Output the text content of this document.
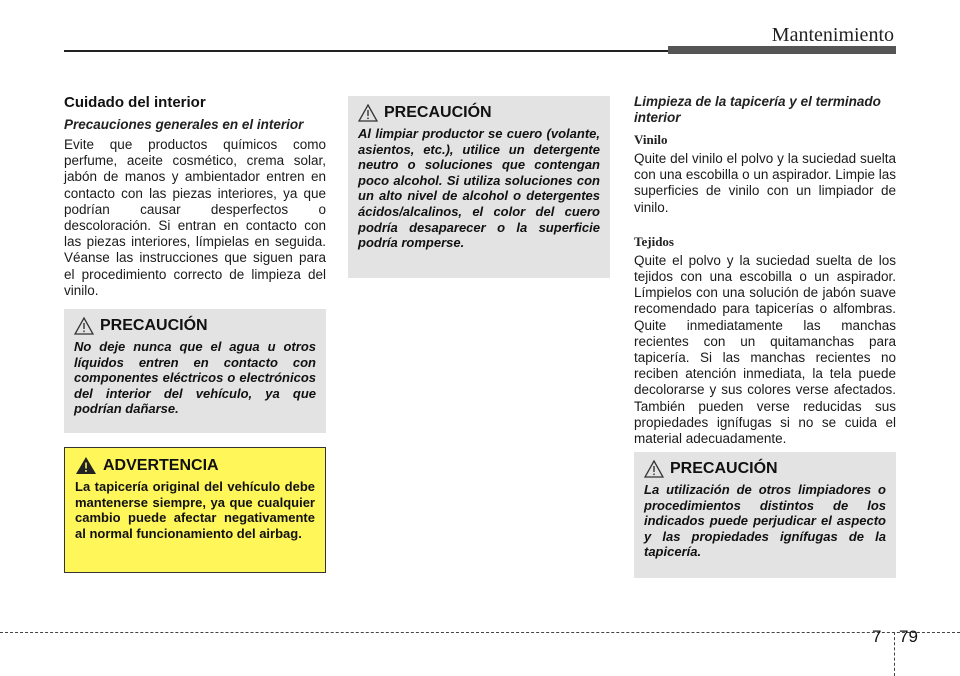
Mantenimiento
Cuidado del interior

Precauciones generales en el interior

Evite que productos químicos como perfume, aceite cosmético, crema solar, jabón de manos y ambientador entren en contacto con las piezas interiores, ya que podrían causar desperfectos o descoloración. Si entran en contacto con las piezas interiores, límpielas en seguida. Véanse las instrucciones que siguen para el procedimiento correcto de limpieza del vinilo.

PRECAUCIÓN

No deje nunca que el agua u otros líquidos entren en contacto con componentes eléctricos o electrónicos del interior del vehículo, ya que podrían dañarse.

ADVERTENCIA

La tapicería original del vehículo debe mantenerse siempre, ya que cualquier cambio puede afectar negativamente al normal funcionamiento del airbag.

PRECAUCIÓN

Al limpiar productor se cuero (volante, asientos, etc.), utilice un detergente neutro o soluciones que contengan poco alcohol. Si utiliza soluciones con un alto nivel de alcohol o detergentes ácidos/alcalinos, el color del cuero podría desaparecer o la superficie podría romperse.

Limpieza de la tapicería y el terminado interior

Vinilo

Quite del vinilo el polvo y la suciedad suelta con una escobilla o un aspirador. Limpie las superficies de vinilo con un limpiador de vinilo.

Tejidos

Quite el polvo y la suciedad suelta de los tejidos con una escobilla o un aspirador. Límpielos con una solución de jabón suave recomendado para tapicerías o alfombras. Quite inmediatamente las manchas recientes con un quitamanchas para tapicería. Si las manchas recientes no reciben atención inmediata, la tela puede decolorarse y sus colores verse afectados. También pueden verse reducidas sus propiedades ignífugas si no se cuida el material adecuadamente.

PRECAUCIÓN

La utilización de otros limpiadores o procedimientos distintos de los indicados puede perjudicar el aspecto y las propiedades ignífugas de la tapicería.

7 79
